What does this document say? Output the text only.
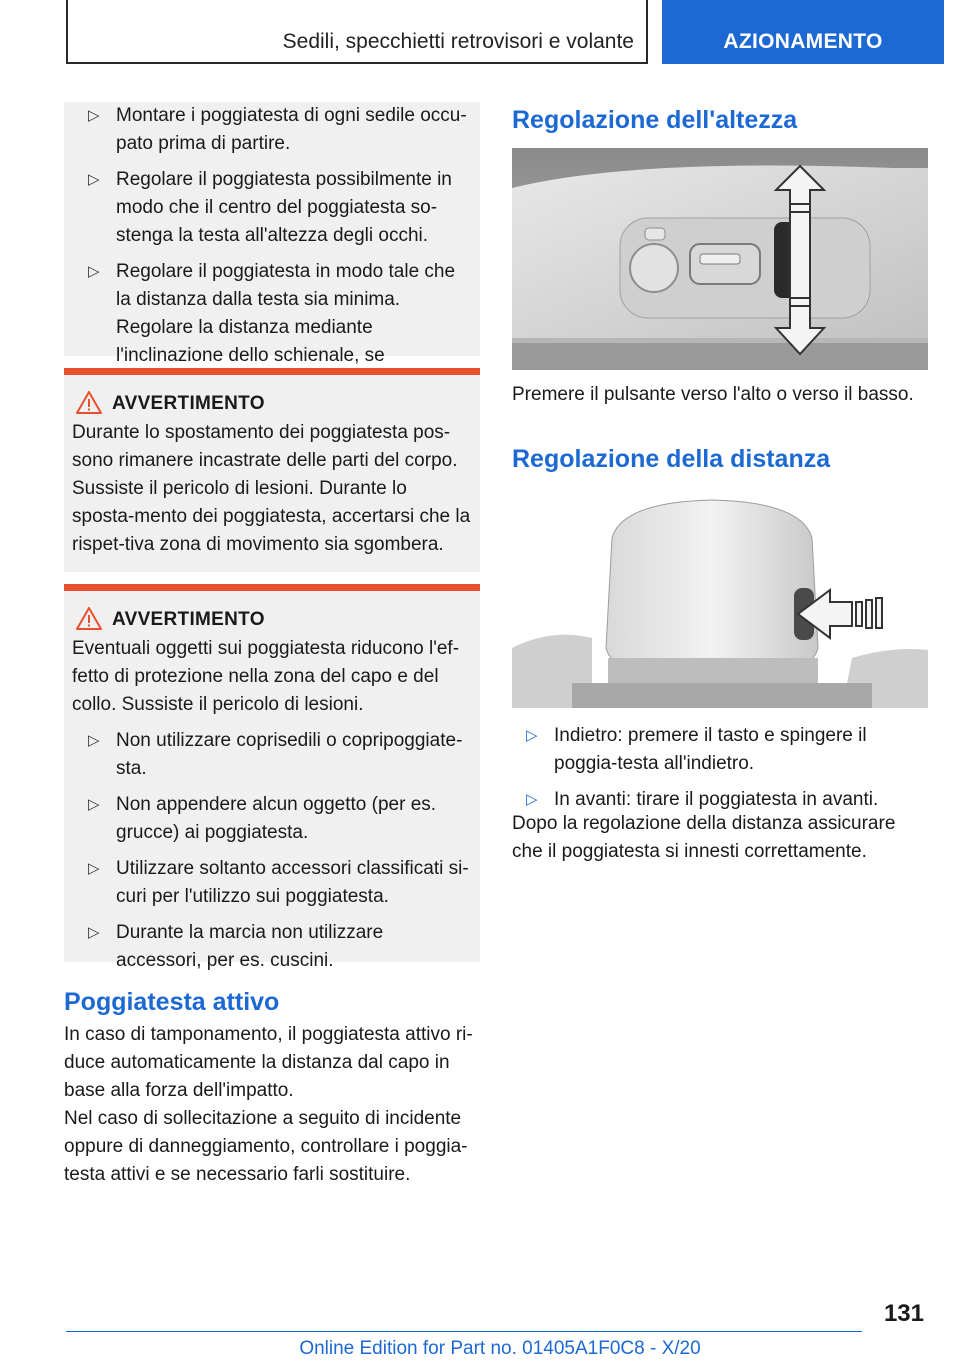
Sedili, specchietti retrovisori e volante	AZIONAMENTO
▷ Montare i poggiatesta di ogni sedile occu-pato prima di partire.
▷ Regolare il poggiatesta possibilmente in modo che il centro del poggiatesta so-stenga la testa all'altezza degli occhi.
▷ Regolare il poggiatesta in modo tale che la distanza dalla testa sia minima. Regolare la distanza mediante l'inclinazione dello schienale, se
AVVERTIMENTO

Durante lo spostamento dei poggiatesta pos-sono rimanere incastrate delle parti del corpo. Sussiste il pericolo di lesioni. Durante lo sposta-mento dei poggiatesta, accertarsi che la rispet-tiva zona di movimento sia sgombera.

AVVERTIMENTO

Eventuali oggetti sui poggiatesta riducono l'ef-fetto di protezione nella zona del capo e del collo. Sussiste il pericolo di lesioni.

▷ Non utilizzare coprisedili o copripoggiate-sta.
▷ Non appendere alcun oggetto (per es. grucce) ai poggiatesta.
▷ Utilizzare soltanto accessori classificati si-curi per l'utilizzo sui poggiatesta.
▷ Durante la marcia non utilizzare accessori, per es. cuscini.
Poggiatesta attivo

In caso di tamponamento, il poggiatesta attivo ri-duce automaticamente la distanza dal capo in base alla forza dell'impatto.

Nel caso di sollecitazione a seguito di incidente oppure di danneggiamento, controllare i poggia-testa attivi e se necessario farli sostituire.

Regolazione dell'altezza

Premere il pulsante verso l'alto o verso il basso.

Regolazione della distanza
▷ Indietro: premere il tasto e spingere il poggia-testa all'indietro.
▷ In avanti: tirare il poggiatesta in avanti.

Dopo la regolazione della distanza assicurare che il poggiatesta si innesti correttamente.

131
Online Edition for Part no. 01405A1F0C8 - X/20
